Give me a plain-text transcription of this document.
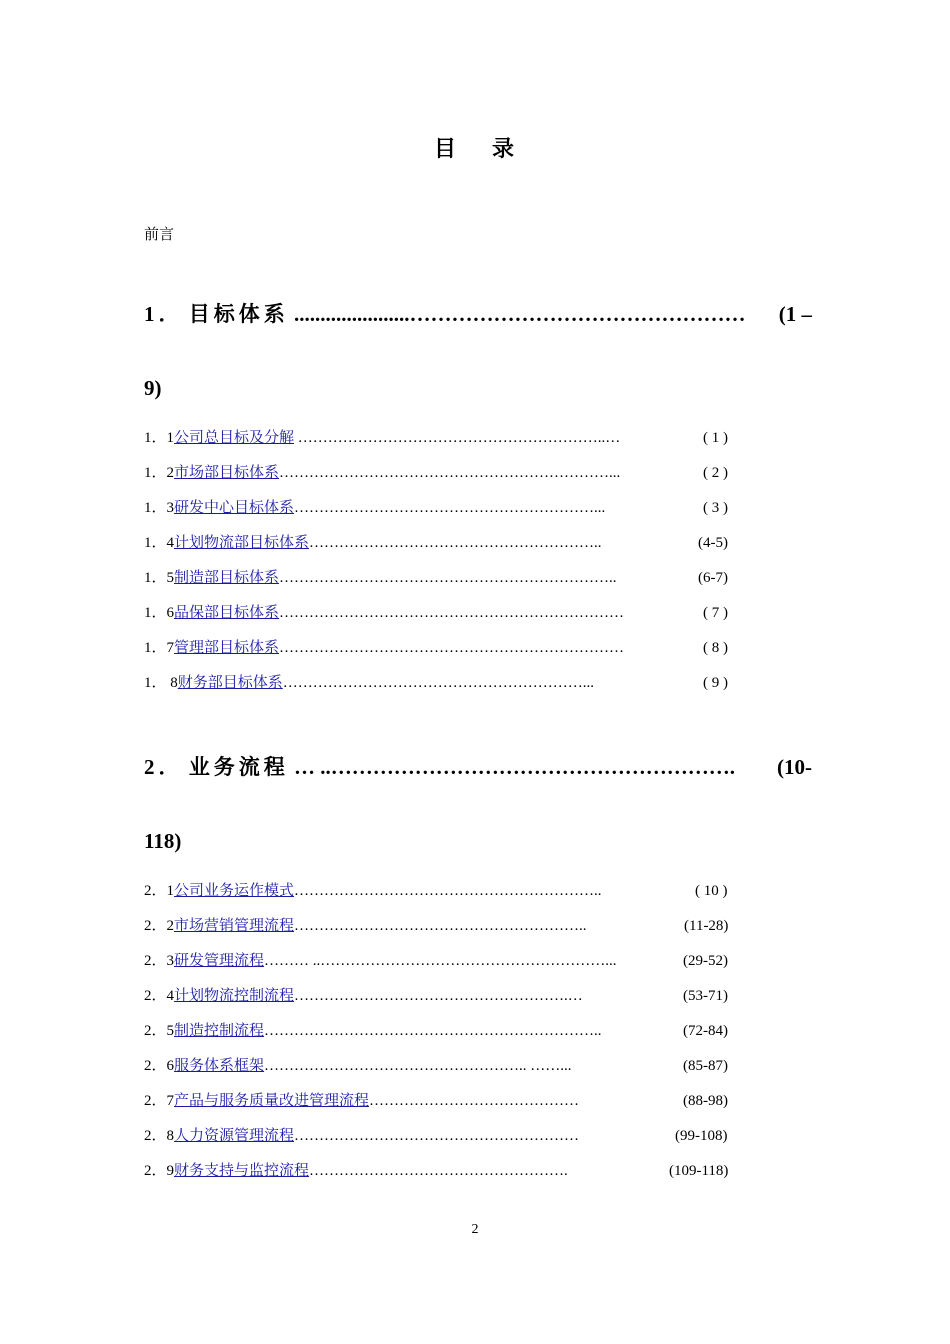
目 录
前言
1． 目标体系 ......................………………………………………… (1 –
9)
1．1公司总目标及分解 ……………………………………………………..…	( 1 )
1．2市场部目标体系…………………………………………………………...	( 2 )
1．3研发中心目标体系……………………………………………………...	( 3 )
1．4计划物流部目标体系…………………………………………………..	(4-5)
1．5制造部目标体系…………………………………………………………..	(6-7)
1．6品保部目标体系……………………………………………………………	( 7 )
1．7管理部目标体系……………………………………………………………	( 8 )
1． 8财务部目标体系……………………………………………………...	( 9 )
2． 业务流程 … ..…………………………………………………. (10-
118)
2．1公司业务运作模式……………………………………………………..	( 10 )
2．2市场营销管理流程…………………………………………………..	(11-28)
2．3研发管理流程……… ..…………………………………………………...	(29-52)
2．4计划物流控制流程……………………………………………….…	(53-71)
2．5制造控制流程…………………………………………………………..	(72-84)
2．6服务体系框架…………………………………………….. ……...	(85-87)
2．7产品与服务质量改进管理流程……………………………………	(88-98)
2．8人力资源管理流程…………………………………………………	(99-108)
2．9财务支持与监控流程…………………………………………….	(109-118)
2
